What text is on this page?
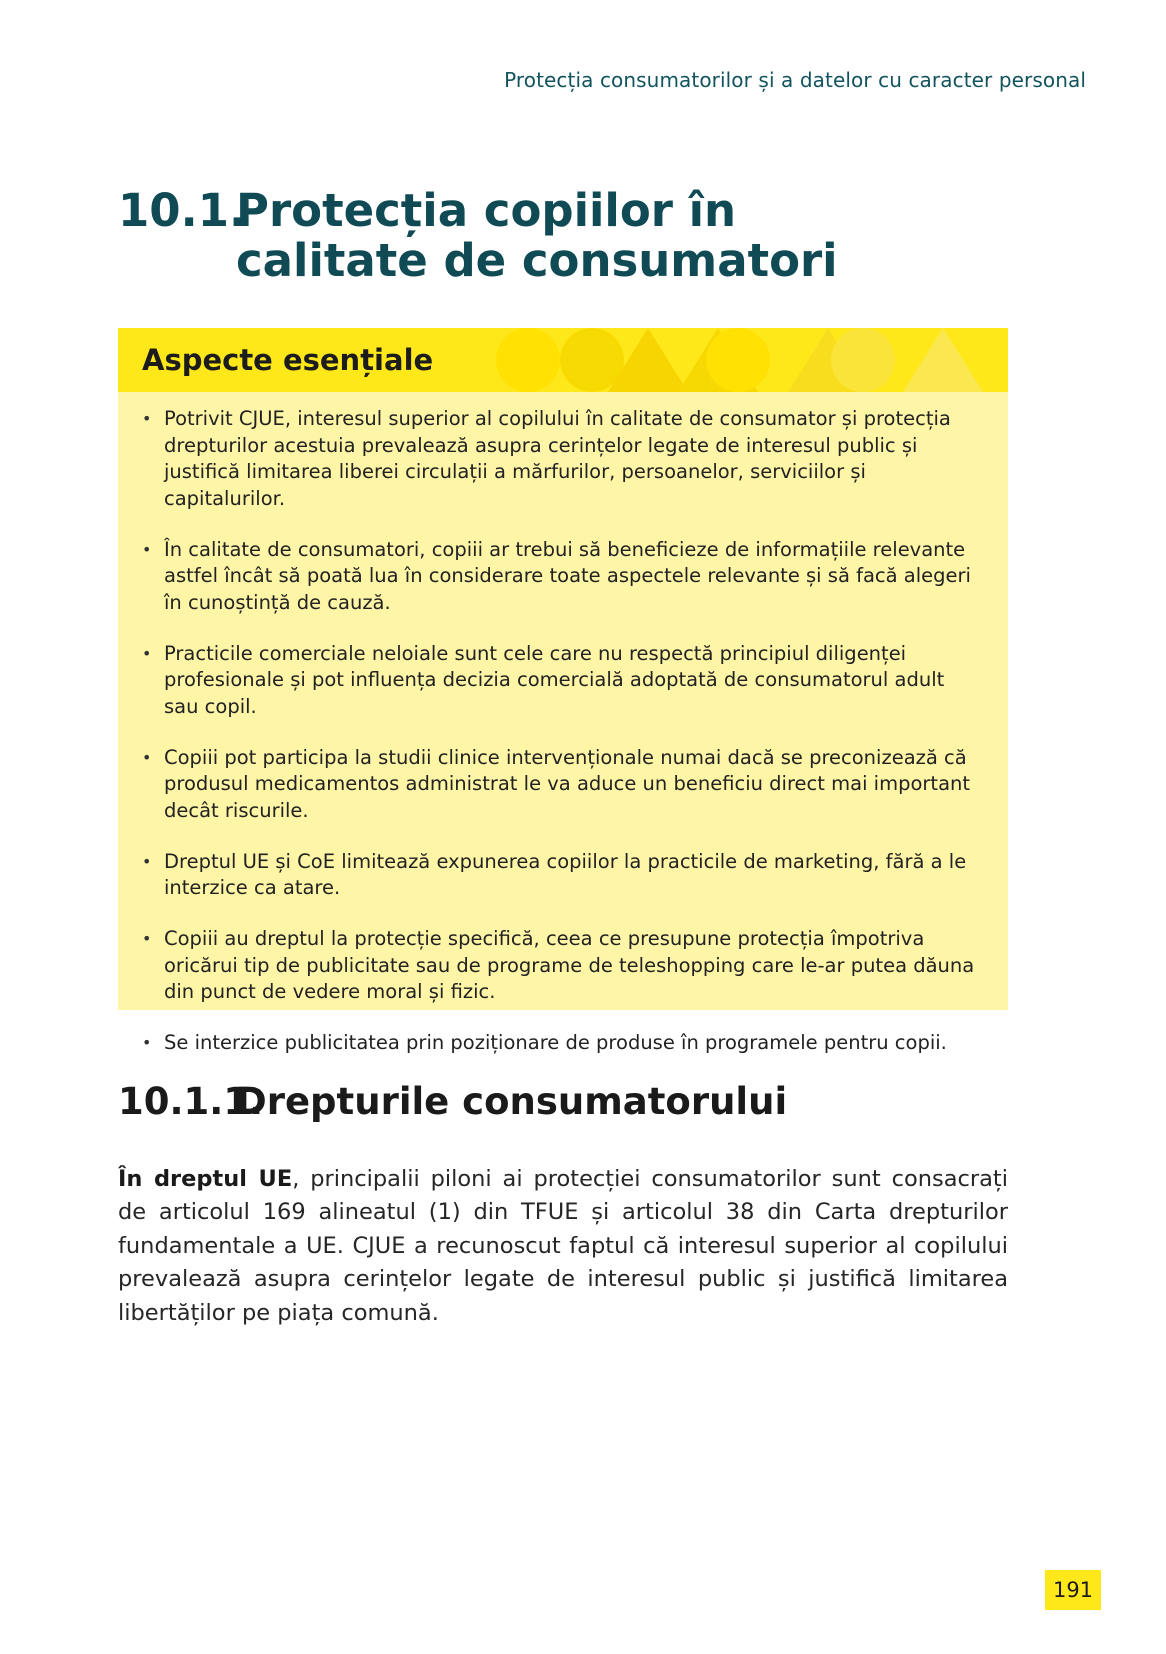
Protecția consumatorilor și a datelor cu caracter personal
10.1.
Protecția copiilor în calitate de consumatori
Aspecte esențiale
• Potrivit CJUE, interesul superior al copilului în calitate de consumator și protecția drepturilor acestuia prevalează asupra cerințelor legate de interesul public și justifică limitarea liberei circulații a mărfurilor, persoanelor, serviciilor și capitalurilor.
• În calitate de consumatori, copiii ar trebui să beneficieze de informațiile relevante astfel încât să poată lua în considerare toate aspectele relevante și să facă alegeri în cunoștință de cauză.
• Practicile comerciale neloiale sunt cele care nu respectă principiul diligenței profesionale și pot influența decizia comercială adoptată de consumatorul adult sau copil.
• Copiii pot participa la studii clinice intervenționale numai dacă se preconizează că produsul medicamentos administrat le va aduce un beneficiu direct mai important decât riscurile.
• Dreptul UE și CoE limitează expunerea copiilor la practicile de marketing, fără a le interzice ca atare.
• Copiii au dreptul la protecție specifică, ceea ce presupune protecția împotriva oricărui tip de publicitate sau de programe de teleshopping care le-ar putea dăuna din punct de vedere moral și fizic.
• Se interzice publicitatea prin poziționare de produse în programele pentru copii.
10.1.1.
Drepturile consumatorului

În dreptul UE, principalii piloni ai protecției consumatorilor sunt consacrați de articolul 169 alineatul (1) din TFUE și articolul 38 din Carta drepturilor fundamentale a UE. CJUE a recunoscut faptul că interesul superior al copilului prevalează asupra cerințelor legate de interesul public și justifică limitarea libertăților pe piața comună.

191
